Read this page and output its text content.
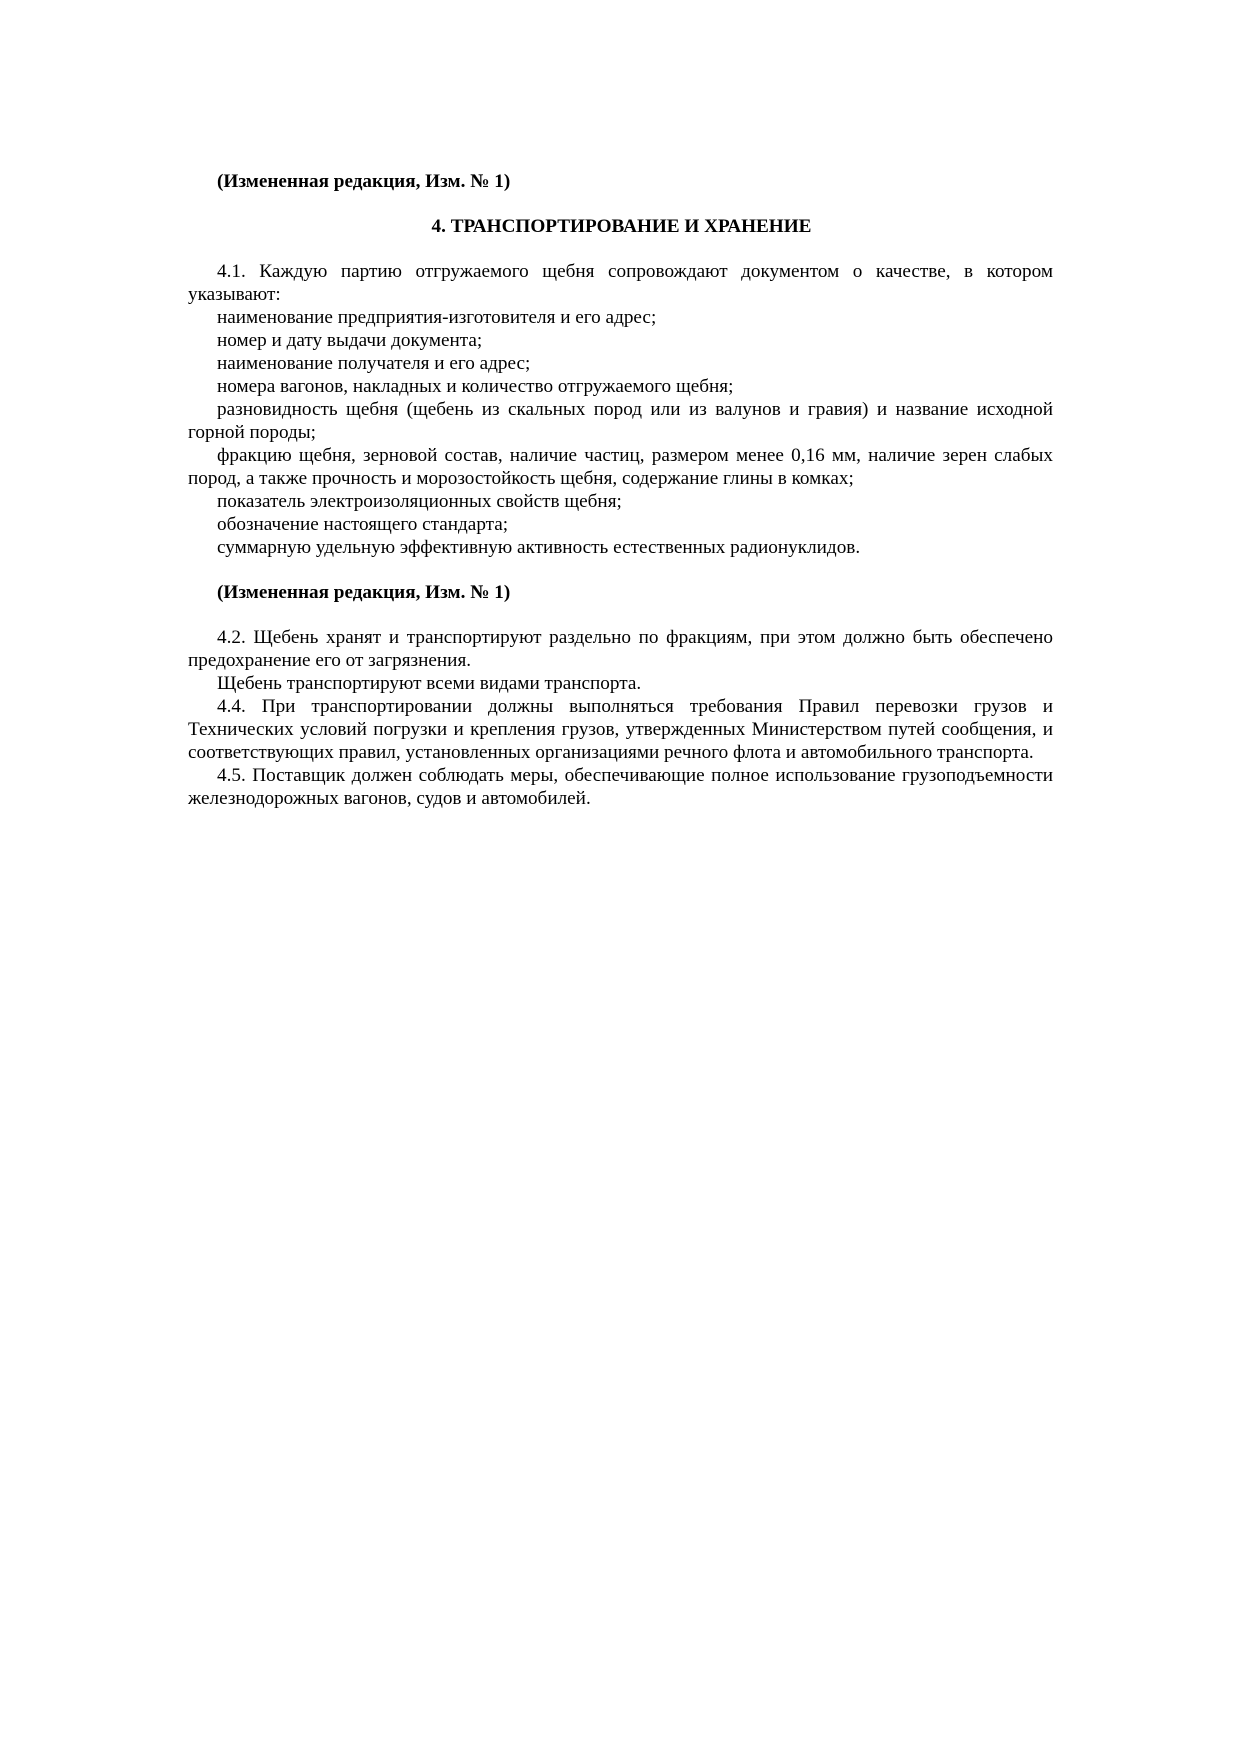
(Измененная редакция, Изм. № 1)

4. ТРАНСПОРТИРОВАНИЕ И ХРАНЕНИЕ

4.1. Каждую партию отгружаемого щебня сопровождают документом о качестве, в котором указывают:

наименование предприятия-изготовителя и его адрес;

номер и дату выдачи документа;

наименование получателя и его адрес;

номера вагонов, накладных и количество отгружаемого щебня;

разновидность щебня (щебень из скальных пород или из валунов и гравия) и название исходной горной породы;

фракцию щебня, зерновой состав, наличие частиц, размером менее 0,16 мм, наличие зерен слабых пород, а также прочность и морозостойкость щебня, содержание глины в комках;

показатель электроизоляционных свойств щебня;

обозначение настоящего стандарта;

суммарную удельную эффективную активность естественных радионуклидов.

(Измененная редакция, Изм. № 1)

4.2. Щебень хранят и транспортируют раздельно по фракциям, при этом должно быть обеспечено предохранение его от загрязнения.

Щебень транспортируют всеми видами транспорта.

4.4. При транспортировании должны выполняться требования Правил перевозки грузов и Технических условий погрузки и крепления грузов, утвержденных Министерством путей сообщения, и соответствующих правил, установленных организациями речного флота и автомобильного транспорта.

4.5. Поставщик должен соблюдать меры, обеспечивающие полное использование грузоподъемности железнодорожных вагонов, судов и автомобилей.
